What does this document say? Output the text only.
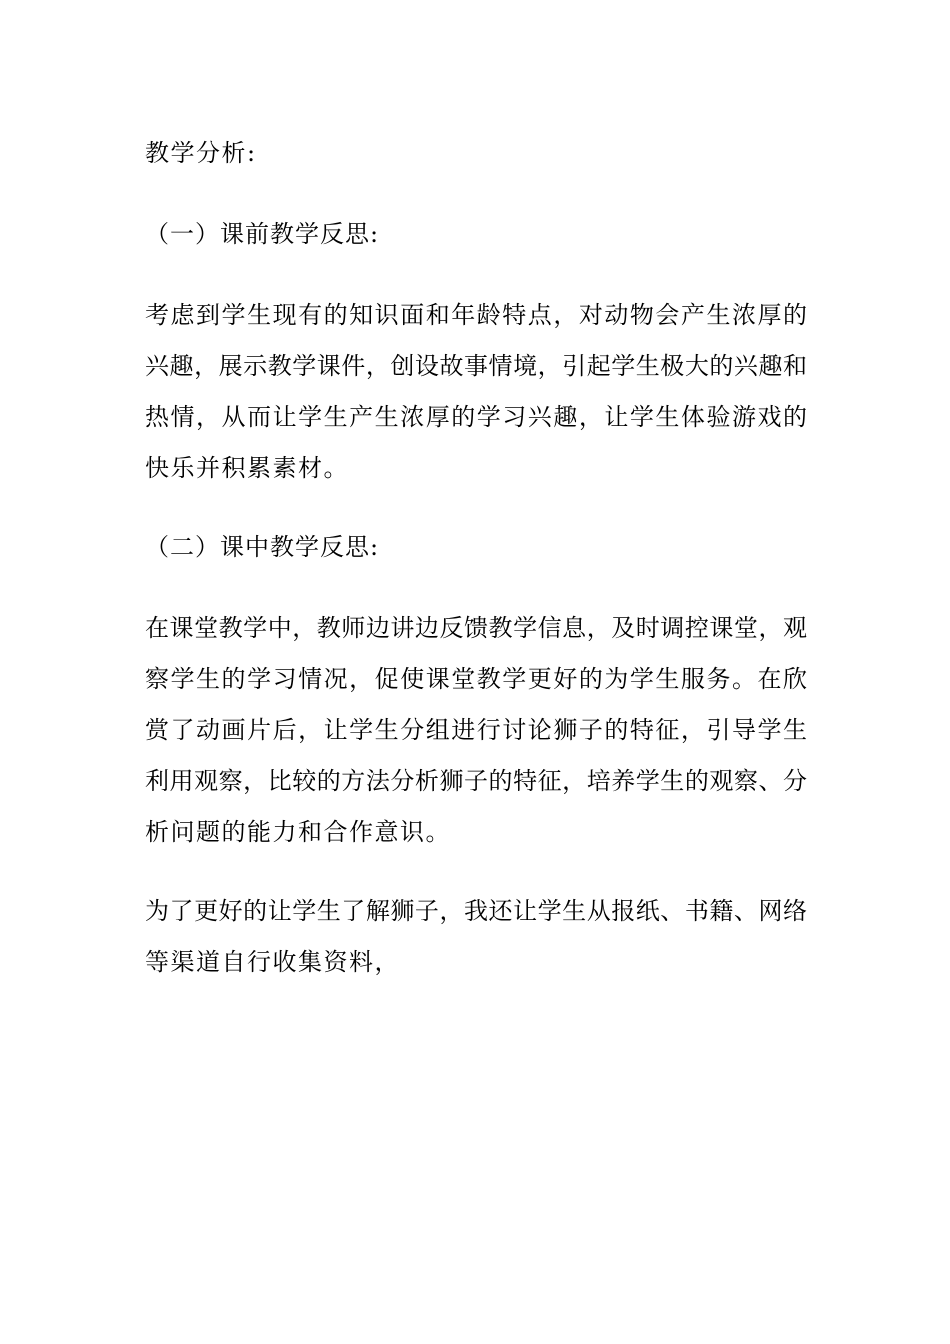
教学分析:
（一）课前教学反思:
考虑到学生现有的知识面和年龄特点，对动物会产生浓厚的
兴趣，展示教学课件，创设故事情境，引起学生极大的兴趣和
热情，从而让学生产生浓厚的学习兴趣，让学生体验游戏的
快乐并积累素材。
（二）课中教学反思:
在课堂教学中，教师边讲边反馈教学信息，及时调控课堂，观
察学生的学习情况，促使课堂教学更好的为学生服务。在欣
赏了动画片后，让学生分组进行讨论狮子的特征，引导学生
利用观察，比较的方法分析狮子的特征，培养学生的观察、分
析问题的能力和合作意识。
为了更好的让学生了解狮子，我还让学生从报纸、书籍、网络
等渠道自行收集资料，
